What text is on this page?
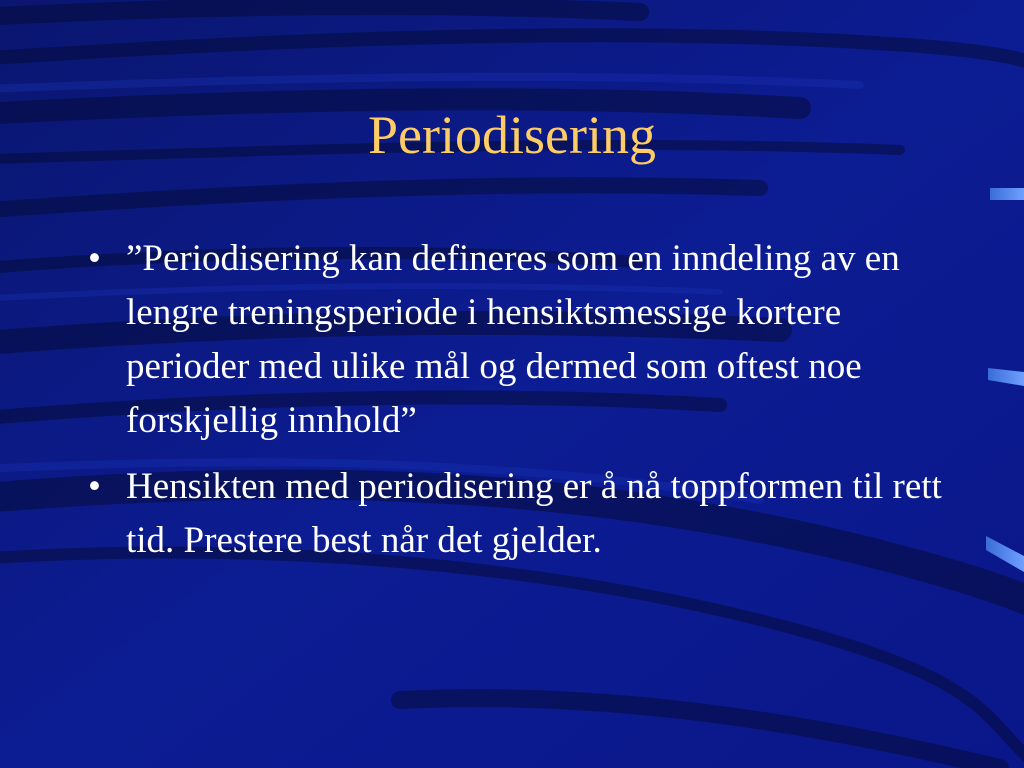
Periodisering
• ”Periodisering kan defineres som en inndeling av en lengre treningsperiode i hensiktsmessige kortere perioder med ulike mål og dermed som oftest noe forskjellig innhold”
• Hensikten med periodisering er å nå toppformen til rett tid. Prestere best når det gjelder.
